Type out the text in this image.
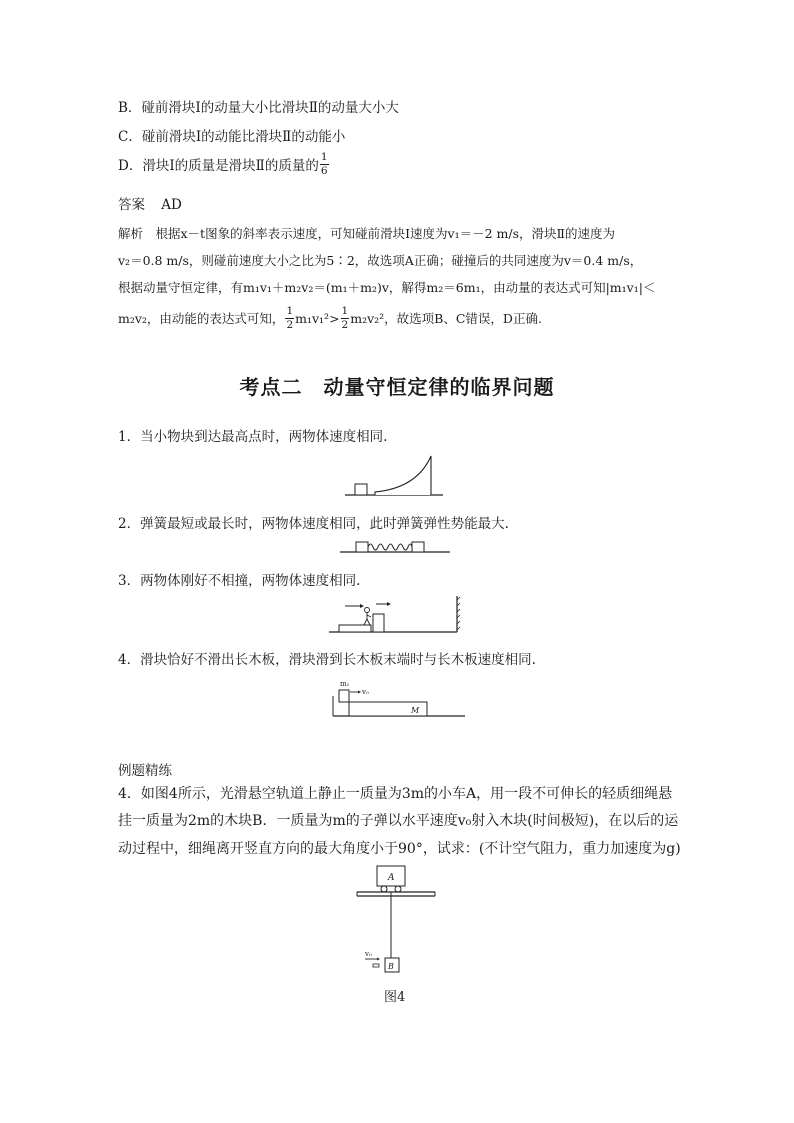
B．碰前滑块Ⅰ的动量大小比滑块Ⅱ的动量大小大
C．碰前滑块Ⅰ的动能比滑块Ⅱ的动能小
D．滑块Ⅰ的质量是滑块Ⅱ的质量的 $\frac{1}{6}$
答案 AD
解析　根据x－t图象的斜率表示速度，可知碰前滑块Ⅰ速度为v₁＝－2 m/s，滑块Ⅱ的速度为
v₂＝0.8 m/s，则碰前速度大小之比为5∶2，故选项A正确；碰撞后的共同速度为v＝0.4 m/s，
根据动量守恒定律，有m₁v₁＋m₂v₂＝(m₁＋m₂)v，解得m₂＝6m₁，由动量的表达式可知|m₁v₁|＜
m₂v₂，由动能的表达式可知， $\frac{1}{2} m_1v_1^2> \frac{1}{2} m_2v_2^2$，故选项B、C错误，D正确.
考点二　动量守恒定律的临界问题
1．当小物块到达最高点时，两物体速度相同.
2．弹簧最短或最长时，两物体速度相同，此时弹簧弹性势能最大.
3．两物体刚好不相撞，两物体速度相同.
4．滑块恰好不滑出长木板，滑块滑到长木板末端时与长木板速度相同.
m₁
v₀
M
例题精练
4．如图4所示，光滑悬空轨道上静止一质量为3m的小车A，用一段不可伸长的轻质细绳悬
挂一质量为2m的木块B．一质量为m的子弹以水平速度v₀射入木块(时间极短)，在以后的运
动过程中，细绳离开竖直方向的最大角度小于90°，试求：(不计空气阻力，重力加速度为g)
A
B
v₀
图4
